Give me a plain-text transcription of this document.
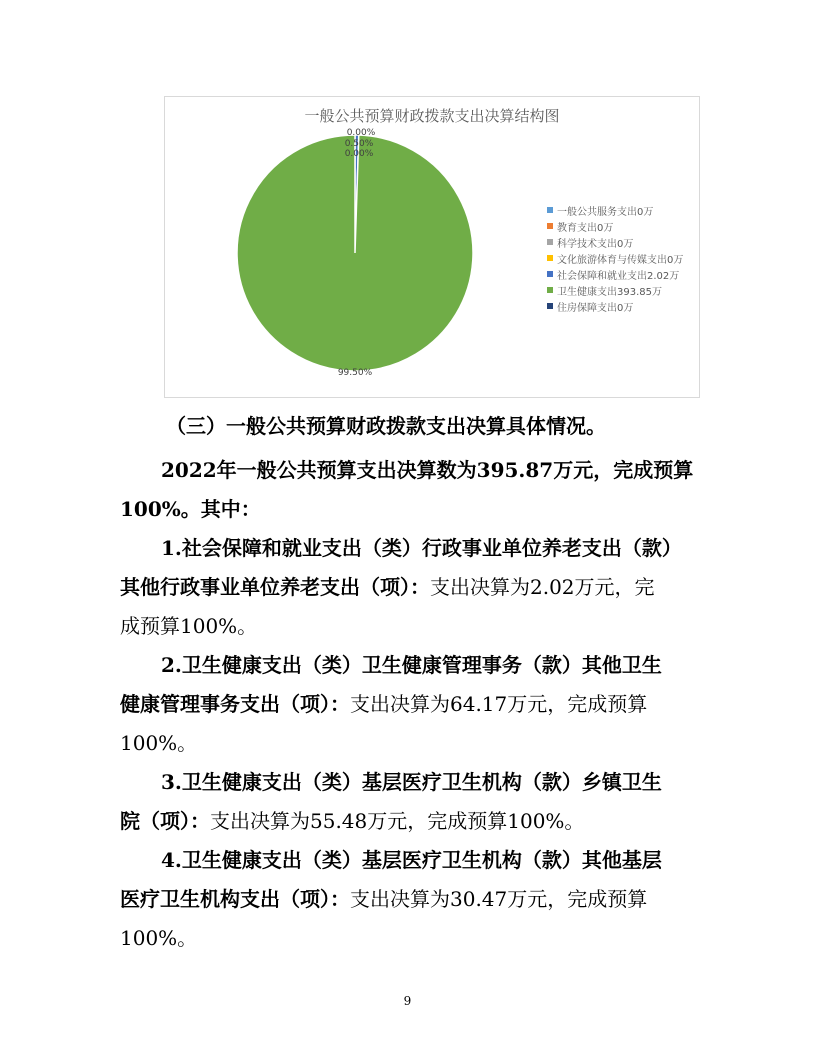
一般公共预算财政拨款支出决算结构图
0.00%
0.50%
0.00%
99.50%
一般公共服务支出0万
教育支出0万
科学技术支出0万
文化旅游体育与传媒支出0万
社会保障和就业支出2.02万
卫生健康支出393.85万
住房保障支出0万
（三）一般公共预算财政拨款支出决算具体情况。
2022年一般公共预算支出决算数为395.87万元，完成预算
100%。其中：
1.社会保障和就业支出（类）行政事业单位养老支出（款）
其他行政事业单位养老支出（项）：支出决算为2.02万元，完
成预算100%。
2.卫生健康支出（类）卫生健康管理事务（款）其他卫生
健康管理事务支出（项）：支出决算为64.17万元，完成预算
100%。
3.卫生健康支出（类）基层医疗卫生机构（款）乡镇卫生
院（项）：支出决算为55.48万元，完成预算100%。
4.卫生健康支出（类）基层医疗卫生机构（款）其他基层
医疗卫生机构支出（项）：支出决算为30.47万元，完成预算
100%。
9
